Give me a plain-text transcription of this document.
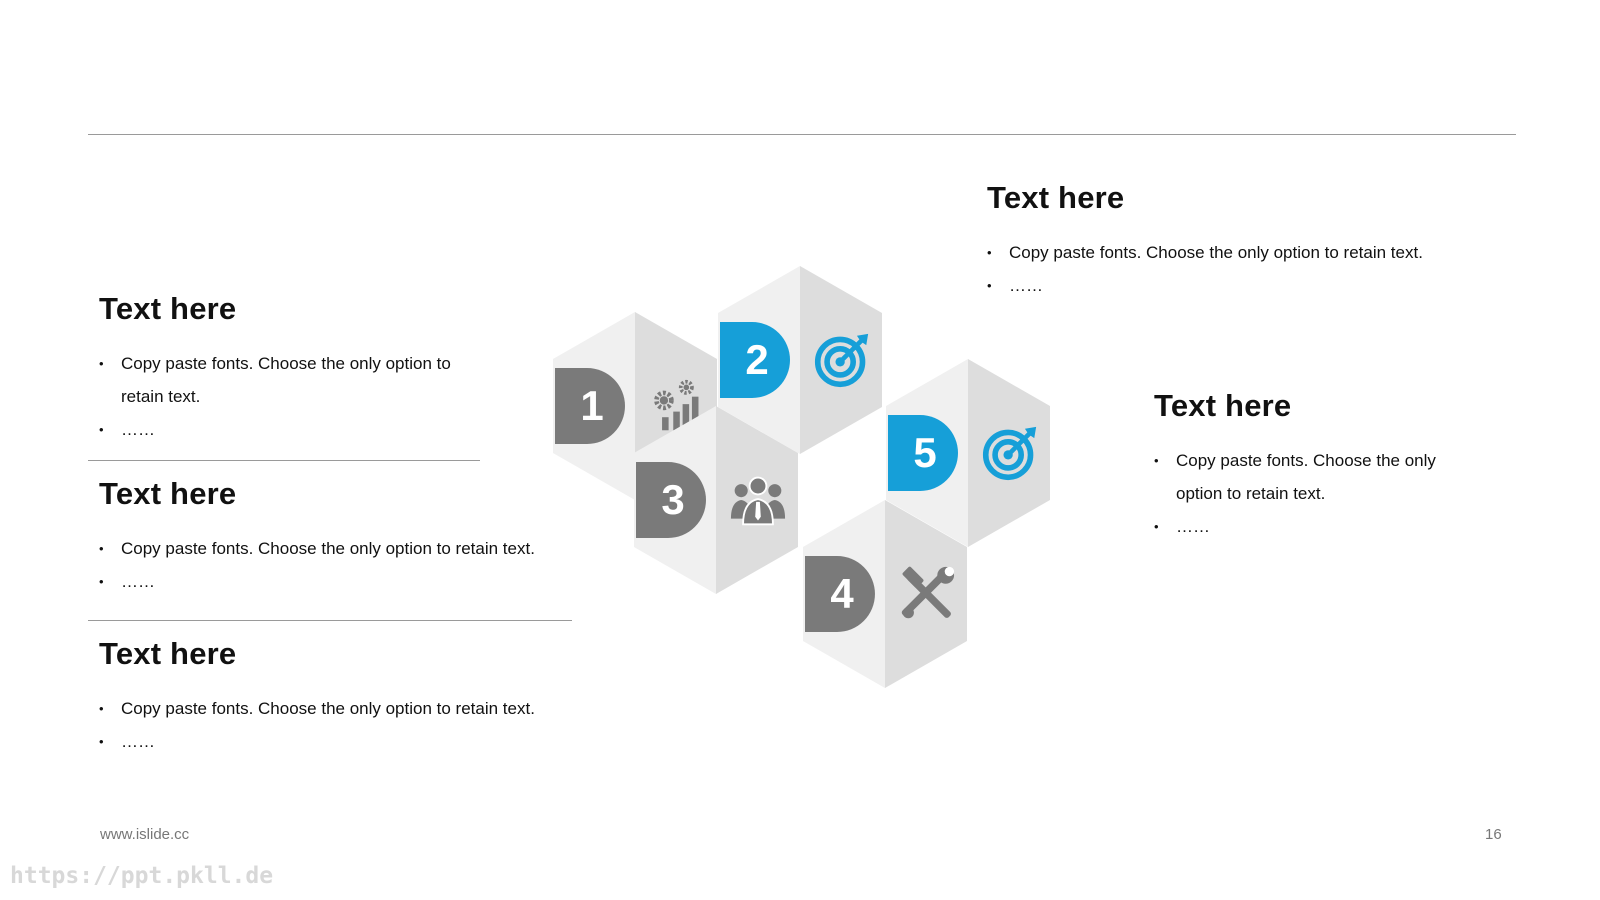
Text here
• Copy paste fonts. Choose the only option to retain text.
• ……
Text here
• Copy paste fonts. Choose the only option to retain text.
• ……
Text here
• Copy paste fonts. Choose the only option to retain text.
• ……
Text here
• Copy paste fonts. Choose the only option to retain text.
• ……
Text here
• Copy paste fonts. Choose the only option to retain text.
• ……
1
2
3
5
4
www.islide.cc	16
https://ppt.pkll.de
